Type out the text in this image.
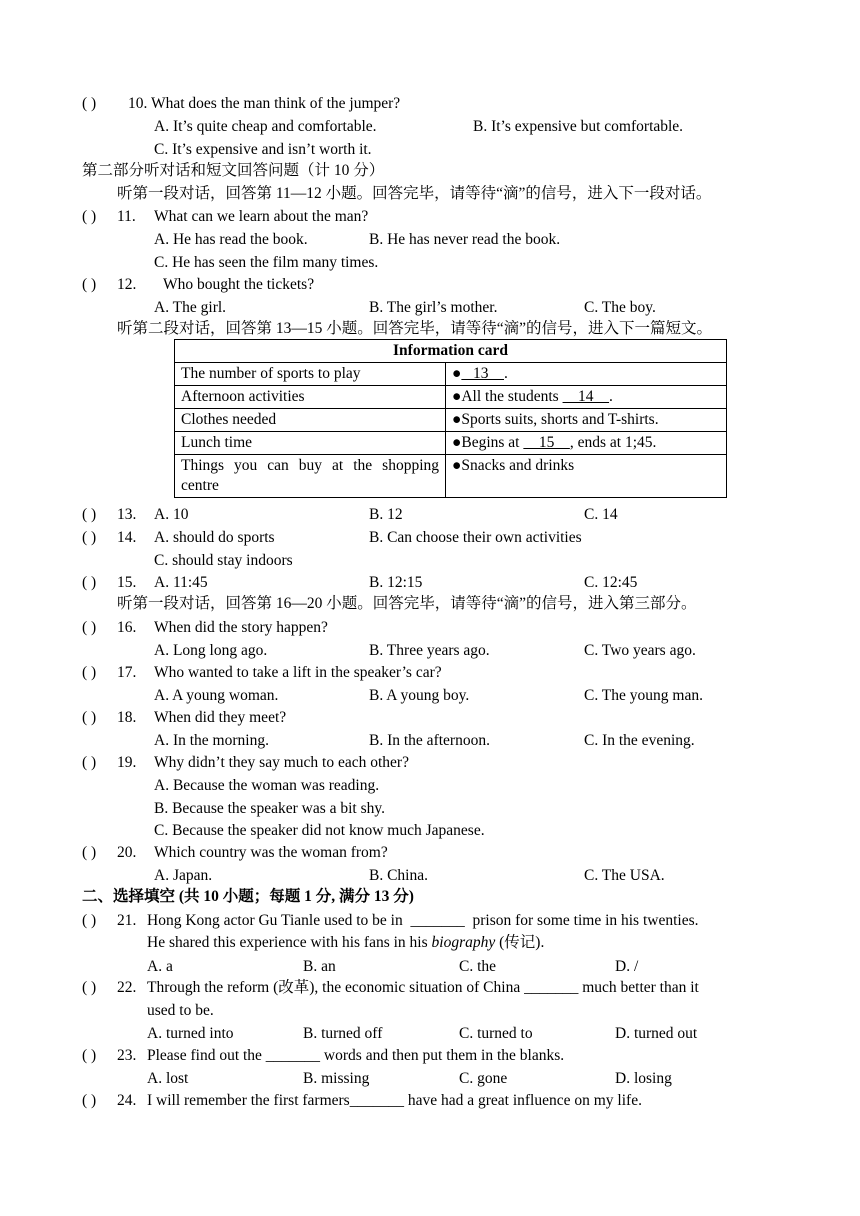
( ) 10. What does the man think of the jumper?
A. It’s quite cheap and comfortable.	B. It’s expensive but comfortable.
C. It’s expensive and isn’t worth it.
第二部分听对话和短文回答问题（计 10 分）
听第一段对话，回答第 11—12 小题。回答完毕，请等待“滴”的信号，进入下一段对话。
( ) 11. What can we learn about the man?
A. He has read the book.	B. He has never read the book.
C. He has seen the film many times.
( ) 12. Who bought the tickets?
A. The girl.	B. The girl’s mother.	C. The boy.
听第二段对话，回答第 13—15 小题。回答完毕，请等待“滴”的信号，进入下一篇短文。
Information card	
The number of sports to play	●   13    .
Afternoon activities	●All the students     14    .
Clothes needed	●Sports suits, shorts and T-shirts.
Lunch time	●Begins at     15    , ends at 1;45.
Things you can buy at the shopping centre	●Snacks and drinks
( ) 13. A. 10	B. 12	C. 14
( ) 14. A. should do sports	B. Can choose their own activities
C. should stay indoors
( ) 15. A. 11:45	B. 12:15	C. 12:45
听第一段对话，回答第 16—20 小题。回答完毕，请等待“滴”的信号，进入第三部分。
( ) 16. When did the story happen?
A. Long long ago.	B. Three years ago.	C. Two years ago.
( ) 17. Who wanted to take a lift in the speaker’s car?
A. A young woman.	B. A young boy.	C. The young man.
( ) 18. When did they meet?
A. In the morning.	B. In the afternoon.	C. In the evening.
( ) 19. Why didn’t they say much to each other?
A. Because the woman was reading.
B. Because the speaker was a bit shy.
C. Because the speaker did not know much Japanese.
( ) 20. Which country was the woman from?
A. Japan.	B. China.	C. The USA.
二、选择填空 (共 10 小题；每题 1 分, 满分 13 分)
( ) 21. Hong Kong actor Gu Tianle used to be in  _______  prison for some time in his twenties.
He shared this experience with his fans in his biography (传记).
A. a	B. an	C. the	D. /
( ) 22. Through the reform (改革), the economic situation of China _______ much better than it
used to be.
A. turned into	B. turned off	C. turned to	D. turned out
( ) 23. Please find out the _______ words and then put them in the blanks.
A. lost	B. missing	C. gone	D. losing
( ) 24. I will remember the first farmers_______ have had a great influence on my life.
